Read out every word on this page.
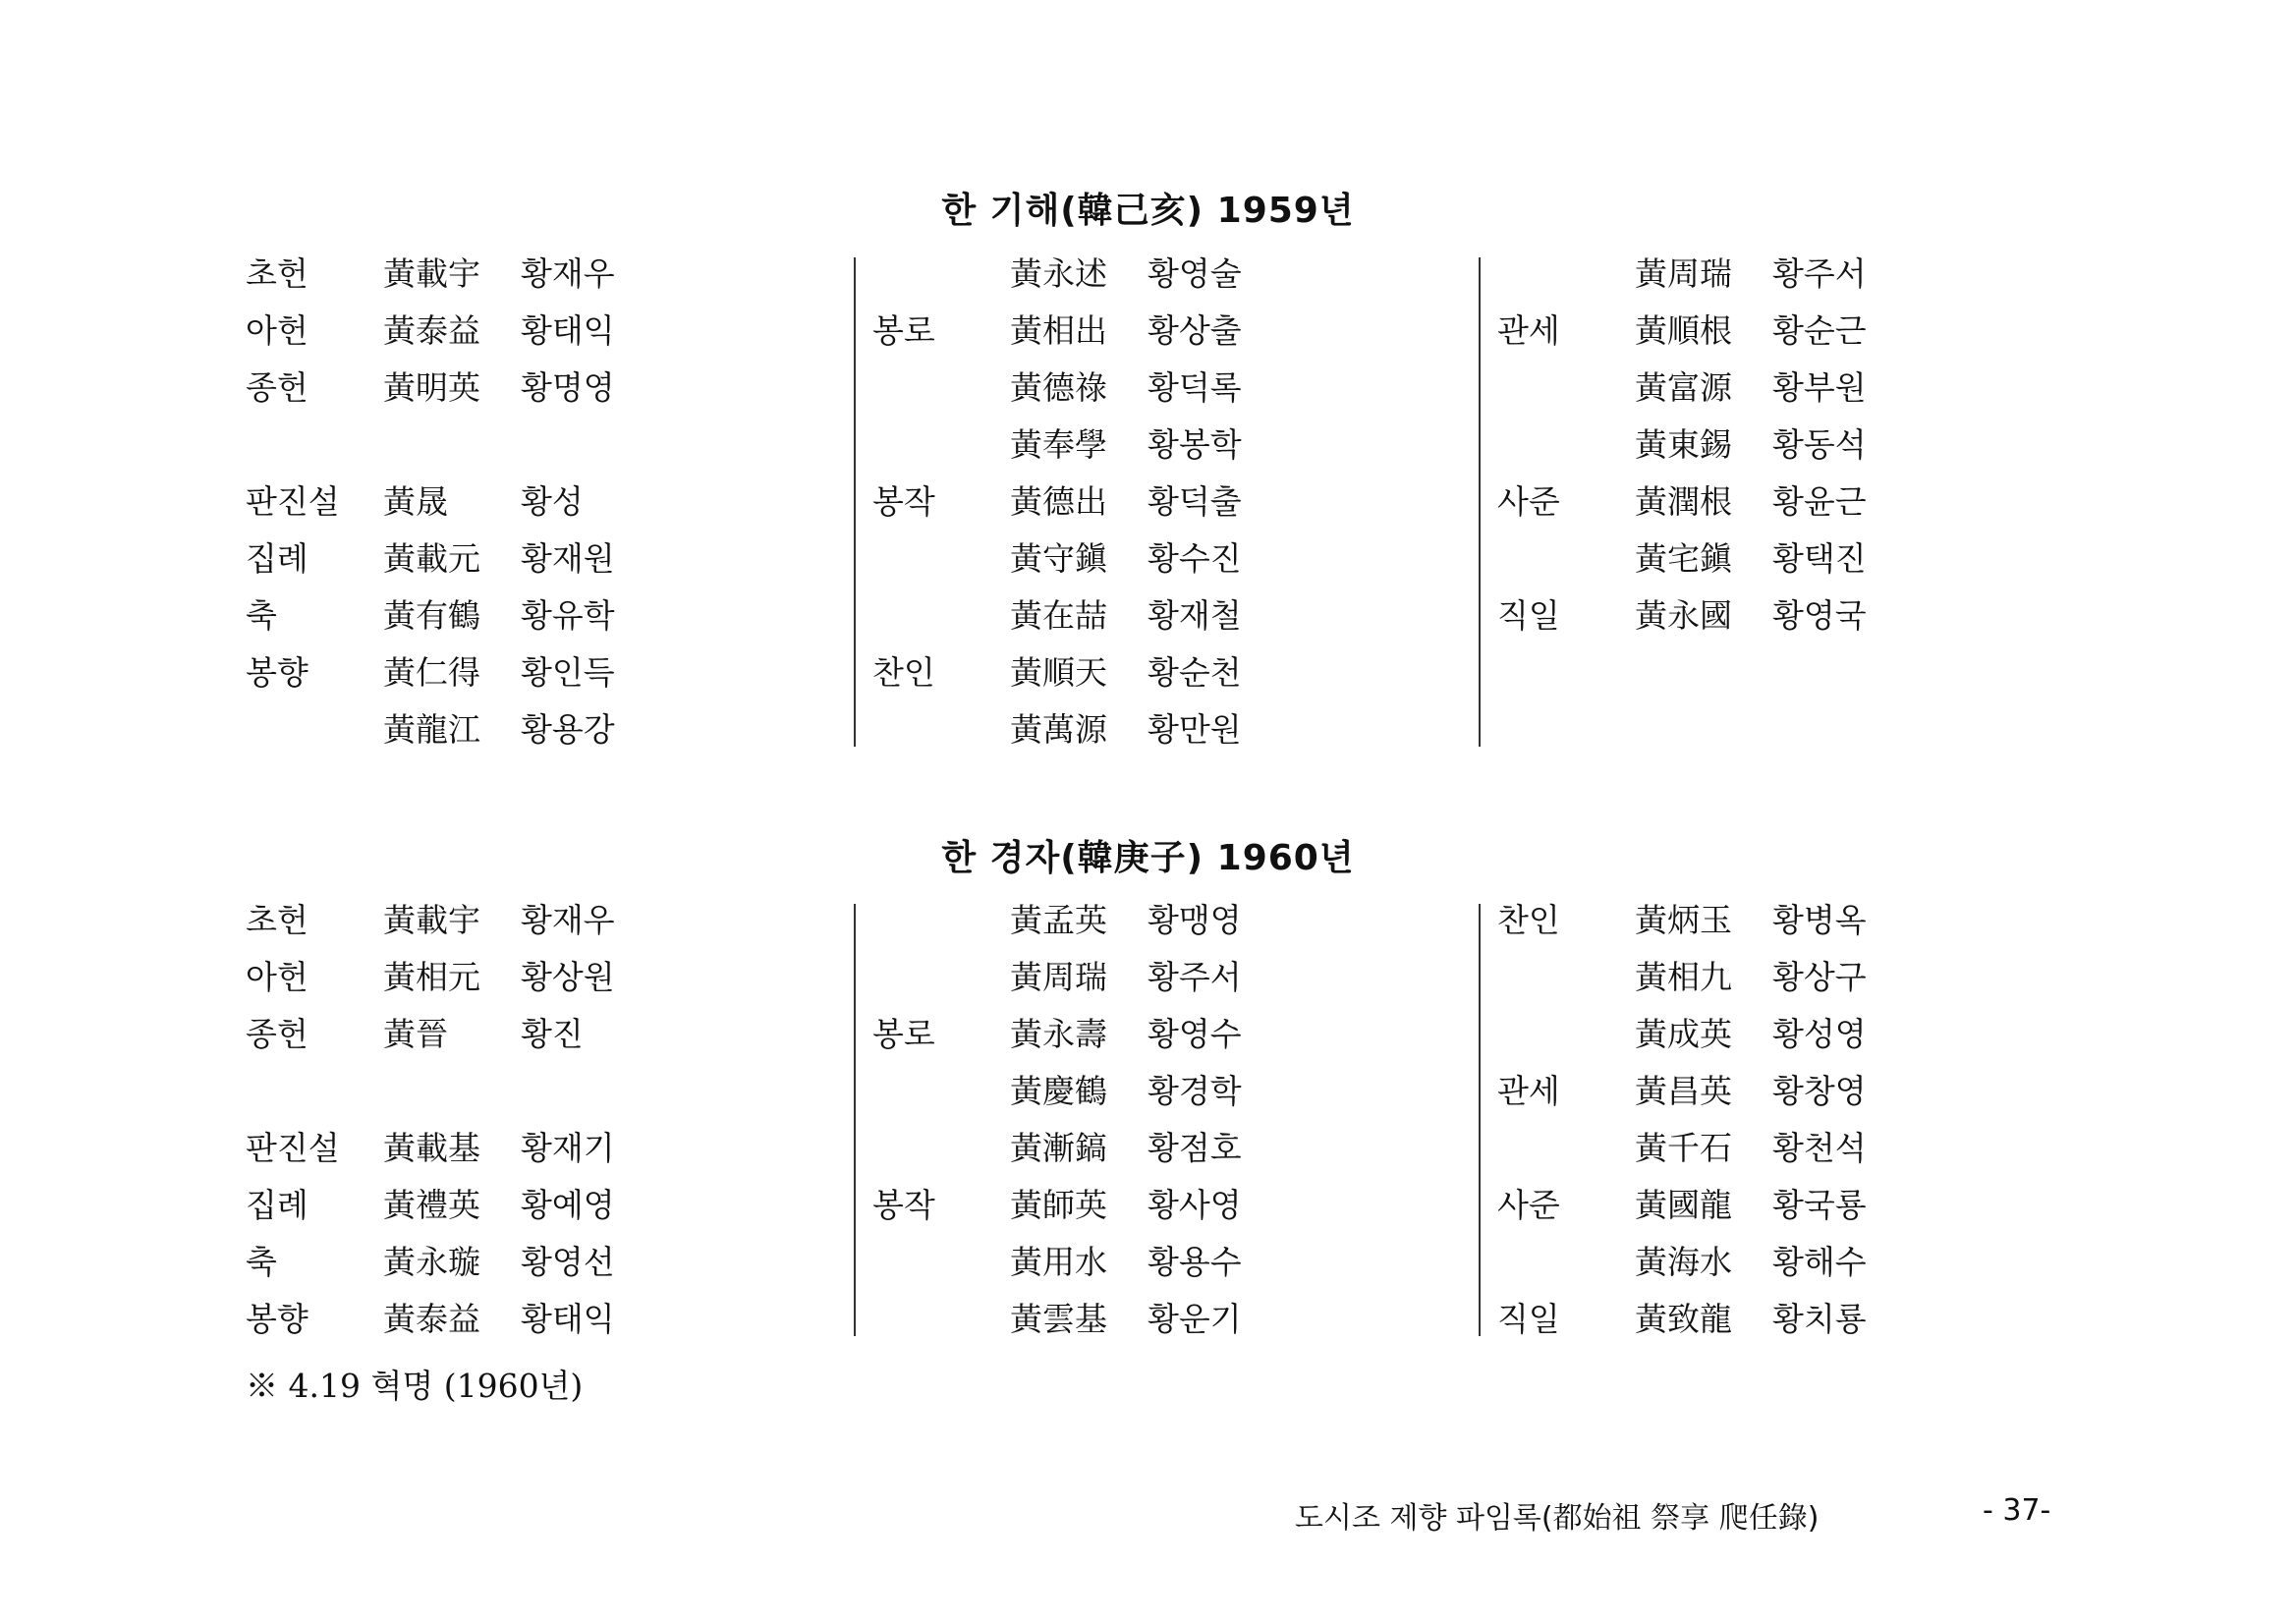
한 기해(韓己亥) 1959년
초헌 黃載宇 황재우
아헌 黃泰益 황태익
종헌 黃明英 황명영
판진설 黃晟 황성
집례 黃載元 황재원
축	黃有鶴 황유학
봉향 黃仁得 황인득
黃龍江 황용강
黃永述 황영술
봉로 黃相出 황상출
黃德祿 황덕록
黃奉學 황봉학
봉작 黃德出 황덕출
黃守鎭 황수진
黃在喆 황재철
찬인 黃順天 황순천
黃萬源 황만원
黃周瑞 황주서
관세 黃順根 황순근
黃富源 황부원
黃東錫 황동석
사준 黃潤根 황윤근
黃宅鎭 황택진
직일 黃永國 황영국
한 경자(韓庚子) 1960년
초헌 黃載宇 황재우
아헌 黃相元 황상원
종헌 黃晉 황진
판진설 黃載基 황재기
집례 黃禮英 황예영
축	黃永璇 황영선
봉향 黃泰益 황태익
黃孟英 황맹영
黃周瑞 황주서
봉로 黃永壽 황영수
黃慶鶴 황경학
黃漸鎬 황점호
봉작 黃師英 황사영
黃用水 황용수
黃雲基 황운기
찬인 黃炳玉 황병옥
黃相九 황상구
黃成英 황성영
관세 黃昌英 황창영
黃千石 황천석
사준 黃國龍 황국룡
黃海水 황해수
직일 黃致龍 황치룡
※ 4.19 혁명 (1960년)
도시조 제향 파임록(都始祖 祭享 爬任錄)	- 37-
